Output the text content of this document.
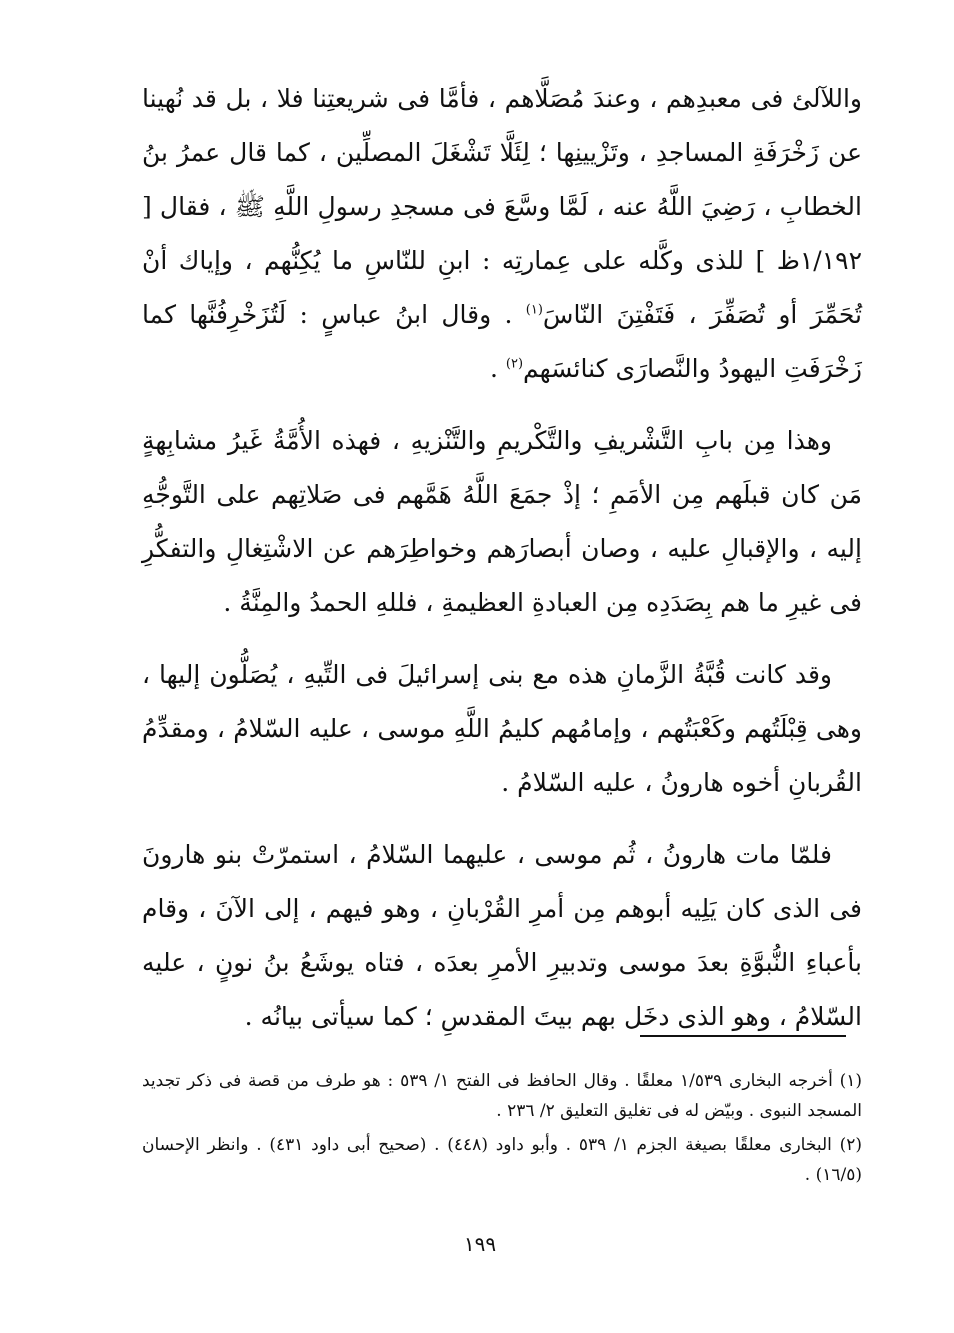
واللآلئ فى معبدِهم ، وعندَ مُصَلَّاهم ، فأمَّا فى شريعتِنا فلا ، بل قد نُهينا عن زَخْرَفَةِ المساجدِ ، وتَزْيينِها ؛ لِئَلَّا تَشْغَلَ المصلِّين ، كما قال عمرُ بنُ الخطابِ ، رَضِيَ اللَّهُ عنه ، لَمَّا وسَّعَ فى مسجدِ رسولِ اللَّهِ ﷺ ، فقال [ ١/١٩٢ظ ] للذى وكَّله على عِمارتِه : ابنِ للنّاسِ ما يُكِنُّهم ، وإياك أنْ تُحَمِّرَ أو تُصَفِّرَ ، فَتَفْتِنَ النّاسَ$^{(١)}$ . وقال ابنُ عباسٍ : لَتُزَخْرِفُنَّها كما زَخْرَفَتِ اليهودُ والنَّصارَى كنائسَهم$^{(٢)}$ .

وهذا مِن بابِ التَّشْريفِ والتَّكْريمِ والتَّنْزيهِ ، فهذه الأُمَّةُ غَيرُ مشابِهةٍ مَن كان قبلَهم مِن الأمَمِ ؛ إذْ جمَعَ اللَّهُ هَمَّهم فى صَلاتِهم على التَّوجُّهِ إليه ، والإقبالِ عليه ، وصان أبصارَهم وخواطِرَهم عن الاشْتِغالِ والتفكُّرِ فى غيرِ ما هم بِصَدَدِه مِن العبادةِ العظيمةِ ، فللهِ الحمدُ والمِنَّةُ .

وقد كانت قُبَّةُ الزَّمانِ هذه مع بنى إسرائيلَ فى التِّيهِ ، يُصَلُّون إليها ، وهى قِبْلَتُهم وكَعْبَتُهم ، وإمامُهم كليمُ اللَّهِ موسى ، عليه السّلامُ ، ومقدِّمُ القُربانِ أخوه هارونُ ، عليه السّلامُ .

فلمّا مات هارونُ ، ثُم موسى ، عليهما السّلامُ ، استمرّتْ بنو هارونَ فى الذى كان يَلِيه أبوهم مِن أمرِ القُرْبانِ ، وهو فيهم ، إلى الآنَ ، وقام بأعباءِ النُّبوَّةِ بعدَ موسى وتدبيرِ الأمرِ بعدَه ، فتاه يوشَعُ بنُ نونٍ ، عليه السّلامُ ، وهو الذى دخَل بهم بيتَ المقدسِ ؛ كما سيأتى بيانُه .

(١) أخرجه البخارى ١/٥٣٩ معلقًا . وقال الحافظ فى الفتح ١/ ٥٣٩ : هو طرف من قصة فى ذكر تجديد المسجد النبوى . وبيّض له فى تغليق التعليق ٢/ ٢٣٦ .

(٢) البخارى معلقًا بصيغة الجزم ١/ ٥٣٩ . وأبو داود (٤٤٨) . (صحيح أبى داود ٤٣١) . وانظر الإحسان (١٦/٥) .

١٩٩
